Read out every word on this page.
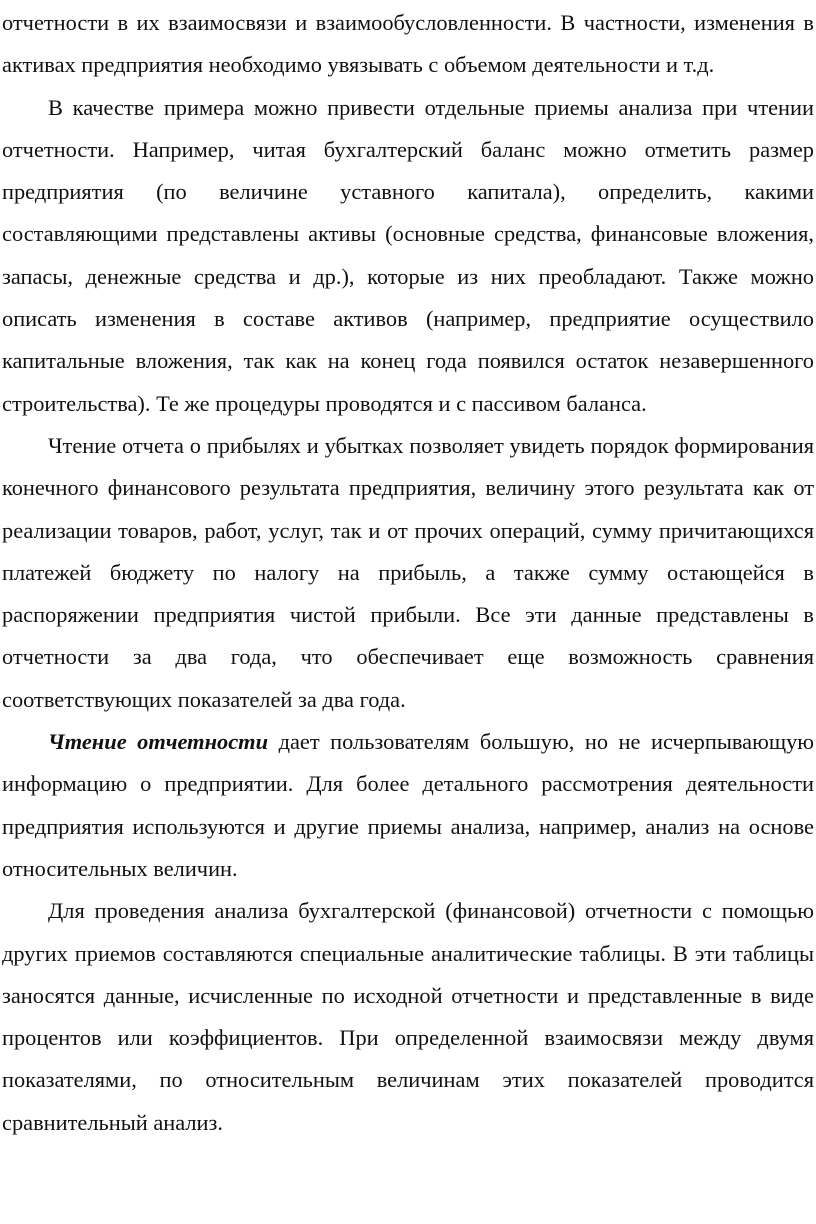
отчетности в их взаимосвязи и взаимообусловленности. В частности, изменения в активах предприятия необходимо увязывать с объемом деятельности и т.д.

В качестве примера можно привести отдельные приемы анализа при чтении отчетности. Например, читая бухгалтерский баланс можно отметить размер предприятия (по величине уставного капитала), определить, какими составляющими представлены активы (основные средства, финансовые вложения, запасы, денежные средства и др.), которые из них преобладают. Также можно описать изменения в составе активов (например, предприятие осуществило капитальные вложения, так как на конец года появился остаток незавершенного строительства). Те же процедуры проводятся и с пассивом баланса.

Чтение отчета о прибылях и убытках позволяет увидеть порядок формирования конечного финансового результата предприятия, величину этого результата как от реализации товаров, работ, услуг, так и от прочих операций, сумму причитающихся платежей бюджету по налогу на прибыль, а также сумму остающейся в распоряжении предприятия чистой прибыли. Все эти данные представлены в отчетности за два года, что обеспечивает еще возможность сравнения соответствующих показателей за два года.

Чтение отчетности дает пользователям большую, но не исчерпывающую информацию о предприятии. Для более детального рассмотрения деятельности предприятия используются и другие приемы анализа, например, анализ на основе относительных величин.

Для проведения анализа бухгалтерской (финансовой) отчетности с помощью других приемов составляются специальные аналитические таблицы. В эти таблицы заносятся данные, исчисленные по исходной отчетности и представленные в виде процентов или коэффициентов. При определенной взаимосвязи между двумя показателями, по относительным величинам этих показателей проводится сравнительный анализ.
